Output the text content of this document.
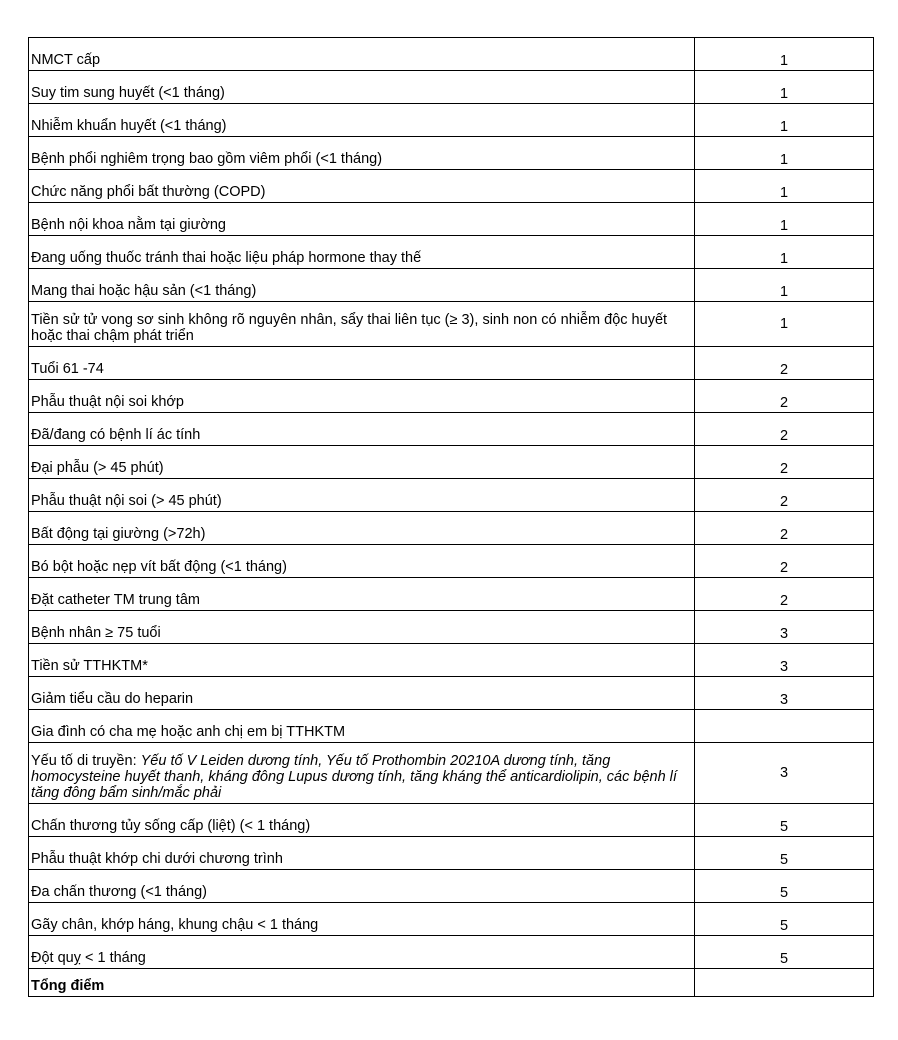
NMCT cấp	1
Suy tim sung huyết (<1 tháng)	1
Nhiễm khuẩn huyết (<1 tháng)	1
Bệnh phổi nghiêm trọng bao gồm viêm phổi (<1 tháng)	1
Chức năng phổi bất thường (COPD)	1
Bệnh nội khoa nằm tại giường	1
Đang uống thuốc tránh thai hoặc liệu pháp hormone thay thế	1
Mang thai hoặc hậu sản (<1 tháng)	1
Tiền sử tử vong sơ sinh không rõ nguyên nhân, sẩy thai liên tục (≥ 3), sinh non có nhiễm độc huyết hoặc thai chậm phát triển	1
Tuổi 61 -74	2
Phẫu thuật nội soi khớp	2
Đã/đang có bệnh lí ác tính	2
Đại phẫu (> 45 phút)	2
Phẫu thuật nội soi (> 45 phút)	2
Bất động tại giường (>72h)	2
Bó bột hoặc nẹp vít bất động (<1 tháng)	2
Đặt catheter TM trung tâm	2
Bệnh nhân ≥ 75 tuổi	3
Tiền sử TTHKTM*	3
Giảm tiểu cầu do heparin	3
Gia đình có cha mẹ hoặc anh chị em bị TTHKTM	
Yếu tố di truyền: Yếu tố V Leiden dương tính, Yếu tố Prothombin 20210A dương tính, tăng homocysteine huyết thanh, kháng đông Lupus dương tính, tăng kháng thể anticardiolipin, các bệnh lí tăng đông bẩm sinh/mắc phải	3
Chấn thương tủy sống cấp (liệt) (< 1 tháng)	5
Phẫu thuật khớp chi dưới chương trình	5
Đa chấn thương (<1 tháng)	5
Gãy chân, khớp háng, khung chậu < 1 tháng	5
Đột quỵ < 1 tháng	5
Tổng điểm	
